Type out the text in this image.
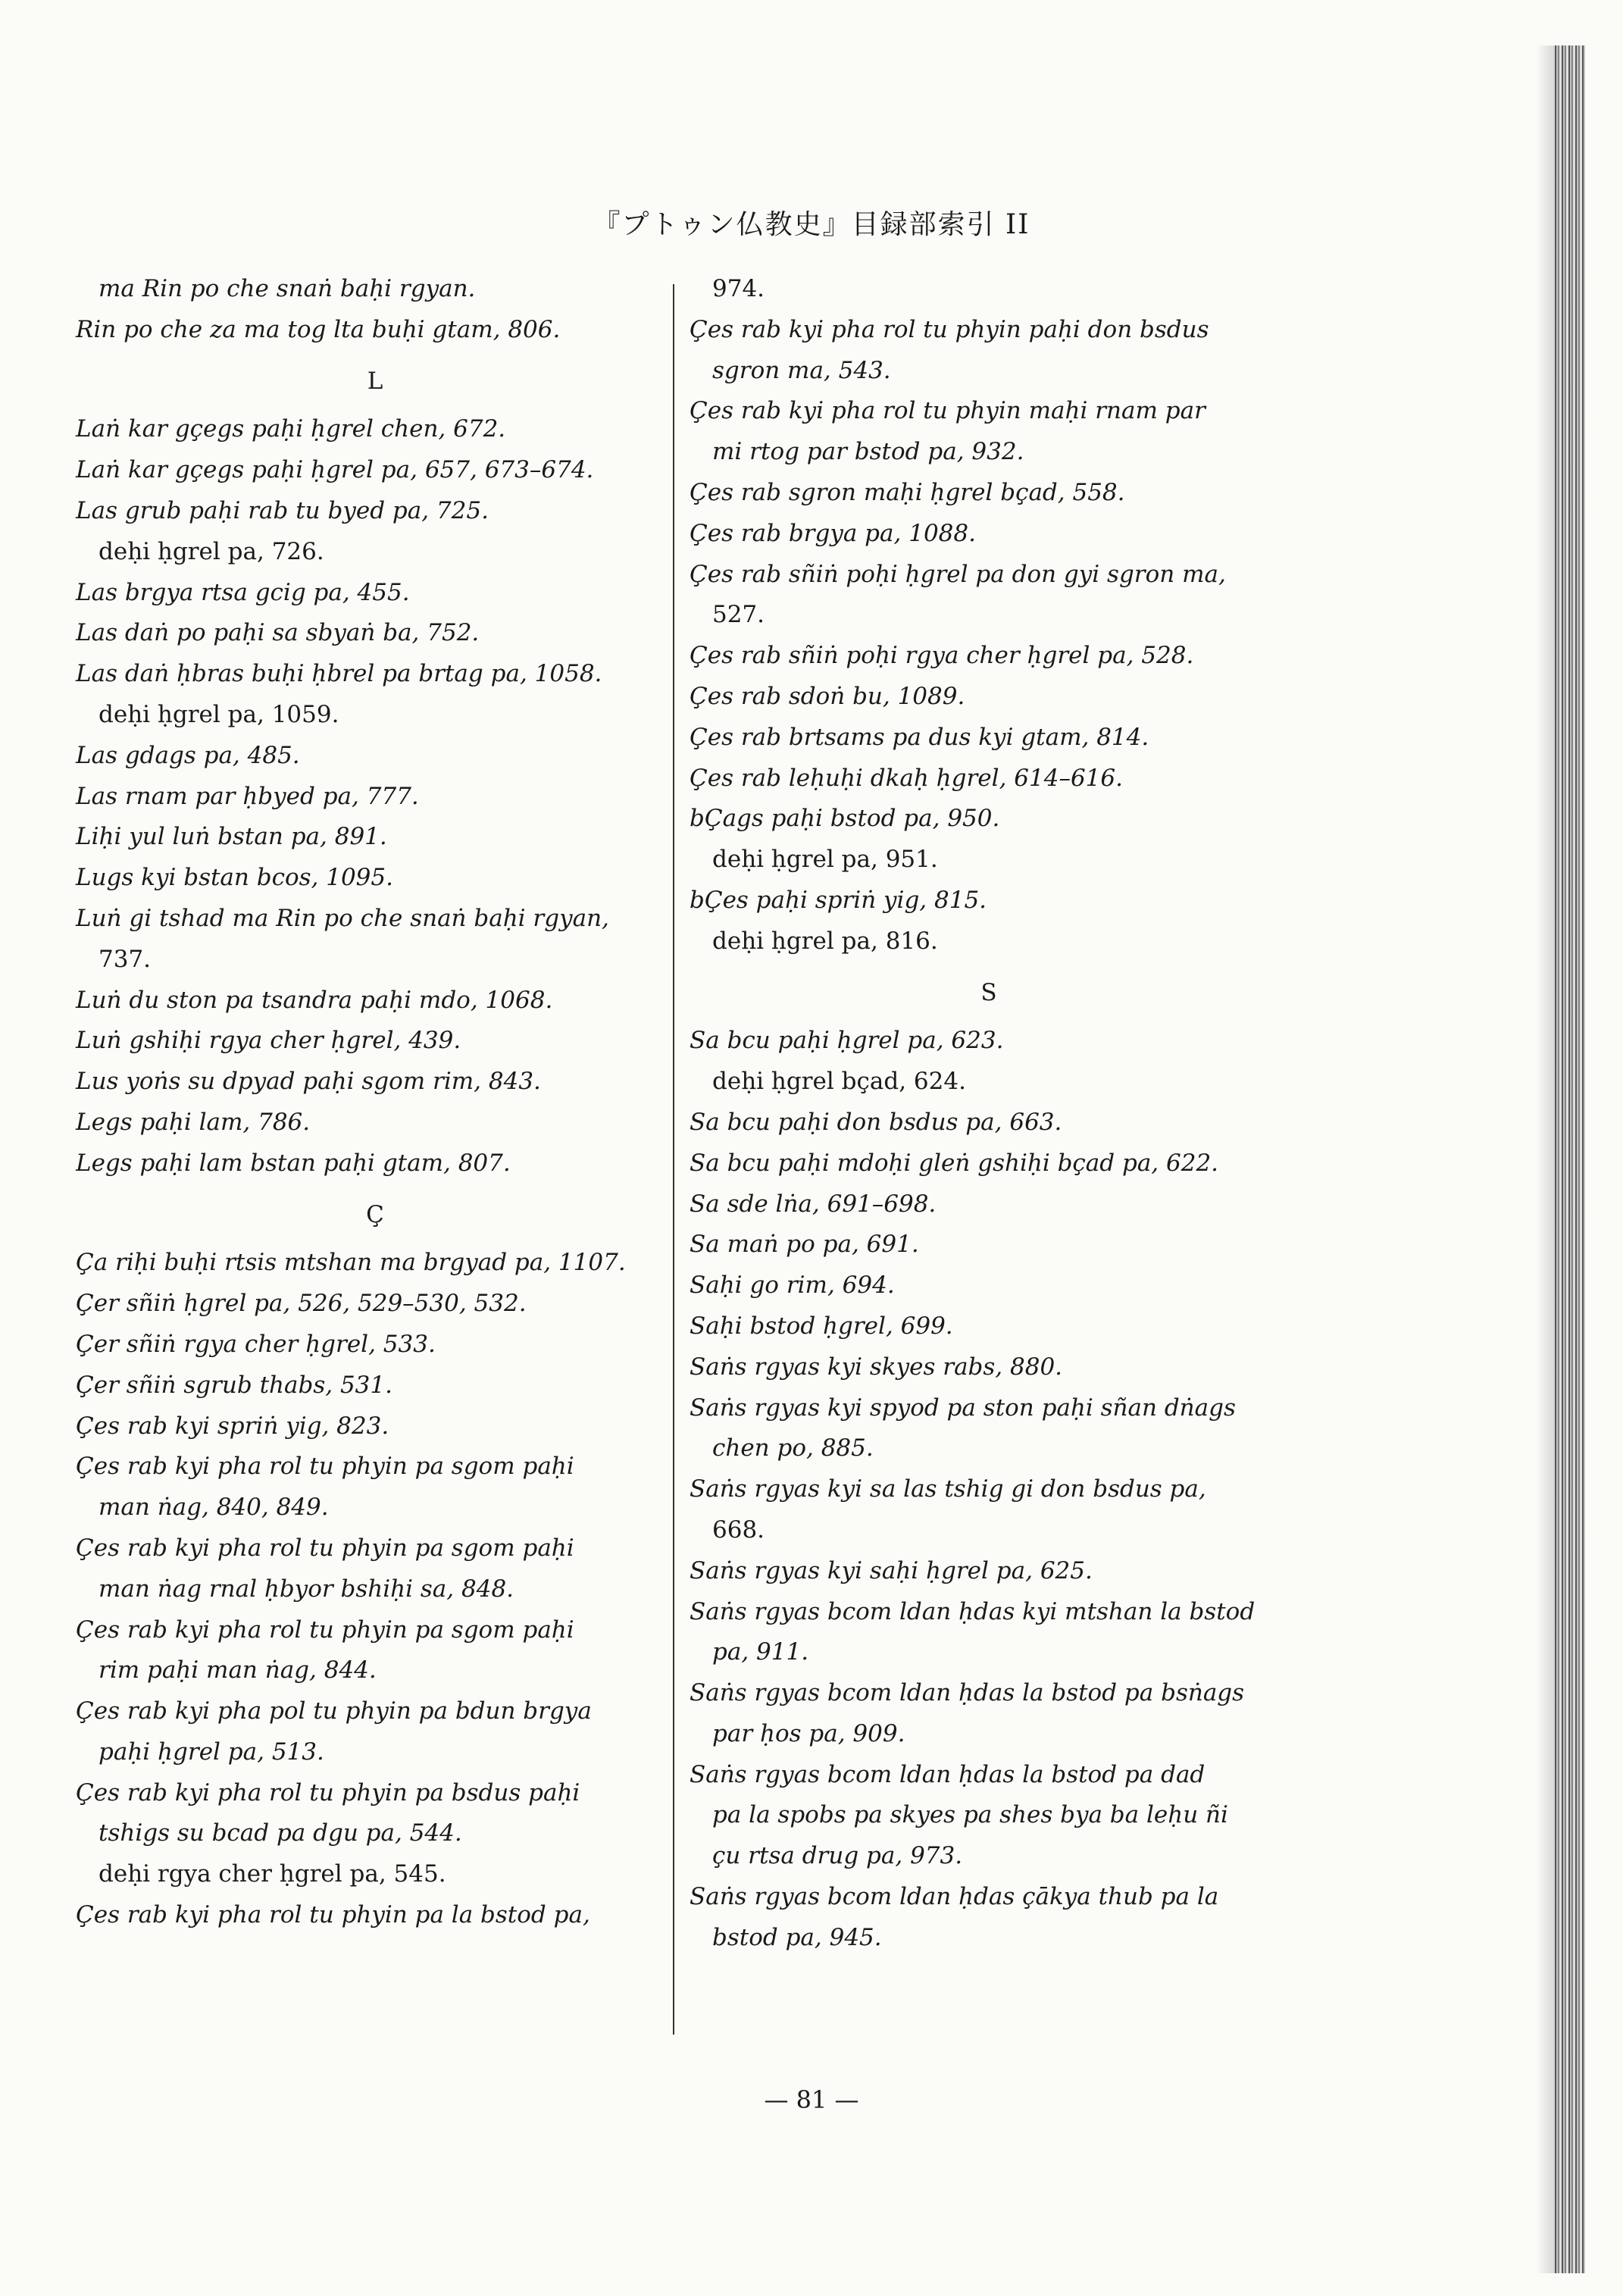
『プトゥン仏教史』目録部索引 II
ma Rin po che snaṅ baḥi rgyan.
Rin po che za ma tog lta buḥi gtam, 806.
L
Laṅ kar gçegs paḥi ḥgrel chen, 672.
Laṅ kar gçegs paḥi ḥgrel pa, 657, 673–674.
Las grub paḥi rab tu byed pa, 725.
deḥi ḥgrel pa, 726.
Las brgya rtsa gcig pa, 455.
Las daṅ po paḥi sa sbyaṅ ba, 752.
Las daṅ ḥbras buḥi ḥbrel pa brtag pa, 1058.
deḥi ḥgrel pa, 1059.
Las gdags pa, 485.
Las rnam par ḥbyed pa, 777.
Liḥi yul luṅ bstan pa, 891.
Lugs kyi bstan bcos, 1095.
Luṅ gi tshad ma Rin po che snaṅ baḥi rgyan,
737.
Luṅ du ston pa tsandra paḥi mdo, 1068.
Luṅ gshiḥi rgya cher ḥgrel, 439.
Lus yoṅs su dpyad paḥi sgom rim, 843.
Legs paḥi lam, 786.
Legs paḥi lam bstan paḥi gtam, 807.
Ç
Ça riḥi buḥi rtsis mtshan ma brgyad pa, 1107.
Çer sñiṅ ḥgrel pa, 526, 529–530, 532.
Çer sñiṅ rgya cher ḥgrel, 533.
Çer sñiṅ sgrub thabs, 531.
Çes rab kyi spriṅ yig, 823.
Çes rab kyi pha rol tu phyin pa sgom paḥi
man ṅag, 840, 849.
Çes rab kyi pha rol tu phyin pa sgom paḥi
man ṅag rnal ḥbyor bshiḥi sa, 848.
Çes rab kyi pha rol tu phyin pa sgom paḥi
rim paḥi man ṅag, 844.
Çes rab kyi pha pol tu phyin pa bdun brgya
paḥi ḥgrel pa, 513.
Çes rab kyi pha rol tu phyin pa bsdus paḥi
tshigs su bcad pa dgu pa, 544.
deḥi rgya cher ḥgrel pa, 545.
Çes rab kyi pha rol tu phyin pa la bstod pa,
974.
Çes rab kyi pha rol tu phyin paḥi don bsdus
sgron ma, 543.
Çes rab kyi pha rol tu phyin maḥi rnam par
mi rtog par bstod pa, 932.
Çes rab sgron maḥi ḥgrel bçad, 558.
Çes rab brgya pa, 1088.
Çes rab sñiṅ poḥi ḥgrel pa don gyi sgron ma,
527.
Çes rab sñiṅ poḥi rgya cher ḥgrel pa, 528.
Çes rab sdoṅ bu, 1089.
Çes rab brtsams pa dus kyi gtam, 814.
Çes rab leḥuḥi dkaḥ ḥgrel, 614–616.
bÇags paḥi bstod pa, 950.
deḥi ḥgrel pa, 951.
bÇes paḥi spriṅ yig, 815.
deḥi ḥgrel pa, 816.
S
Sa bcu paḥi ḥgrel pa, 623.
deḥi ḥgrel bçad, 624.
Sa bcu paḥi don bsdus pa, 663.
Sa bcu paḥi mdoḥi gleṅ gshiḥi bçad pa, 622.
Sa sde lṅa, 691–698.
Sa maṅ po pa, 691.
Saḥi go rim, 694.
Saḥi bstod ḥgrel, 699.
Saṅs rgyas kyi skyes rabs, 880.
Saṅs rgyas kyi spyod pa ston paḥi sñan dṅags
chen po, 885.
Saṅs rgyas kyi sa las tshig gi don bsdus pa,
668.
Saṅs rgyas kyi saḥi ḥgrel pa, 625.
Saṅs rgyas bcom ldan ḥdas kyi mtshan la bstod
pa, 911.
Saṅs rgyas bcom ldan ḥdas la bstod pa bsṅags
par ḥos pa, 909.
Saṅs rgyas bcom ldan ḥdas la bstod pa dad
pa la spobs pa skyes pa shes bya ba leḥu ñi
çu rtsa drug pa, 973.
Saṅs rgyas bcom ldan ḥdas çākya thub pa la
bstod pa, 945.
— 81 —
